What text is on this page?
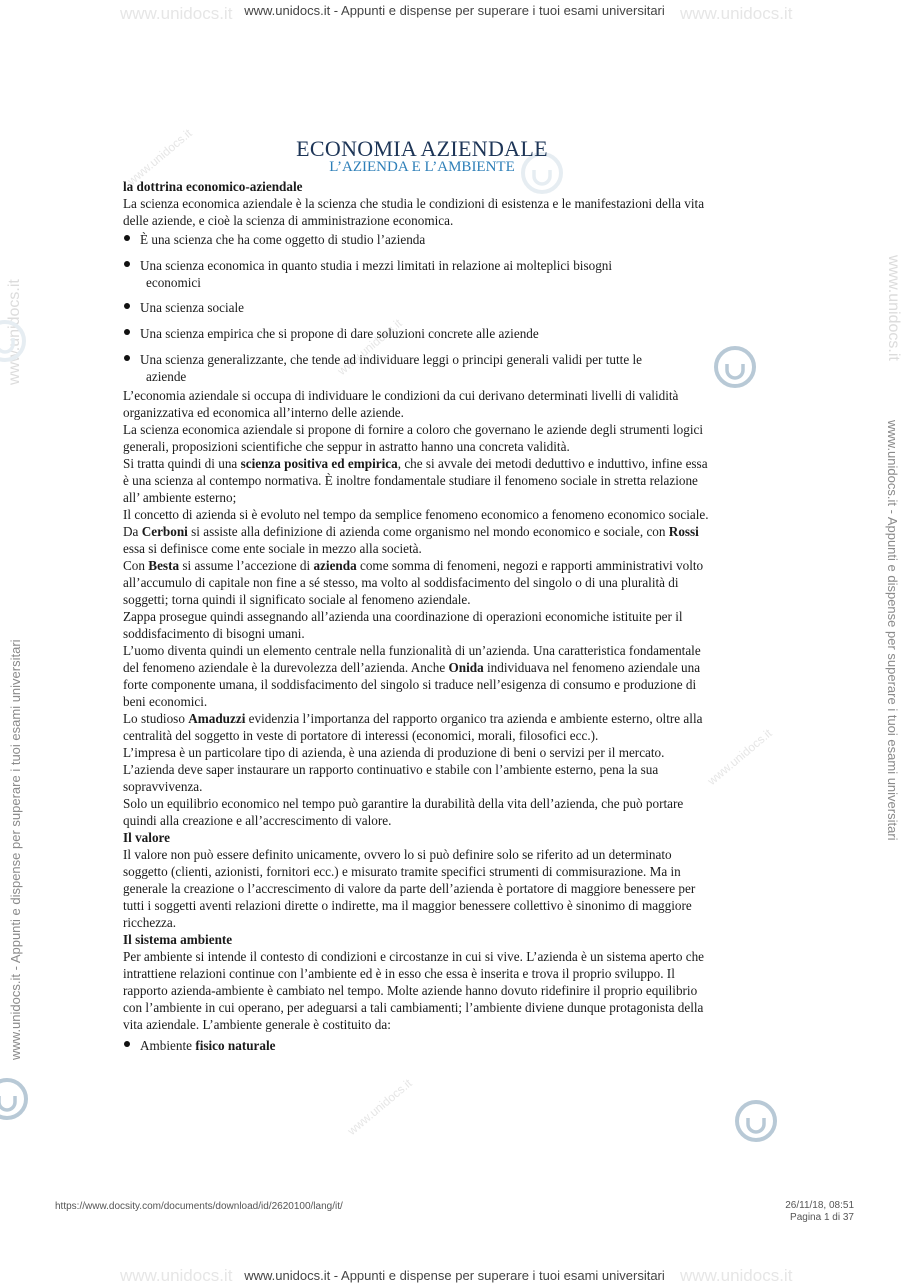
www.unidocs.it - Appunti e dispense per superare i tuoi esami universitari
www.unidocs.it - Appunti e dispense per superare i tuoi esami universitari
www.unidocs.it	www.unidocs.it
www.unidocs.it	www.unidocs.it
www.unidocs.it
www.unidocs.it
www.unidocs.it
www.unidocs.it
www.unidocs.it - Appunti e dispense per superare i tuoi esami universitari
www.unidocs.it - Appunti e dispense per superare i tuoi esami universitari
www.unidocs.it	www.unidocs.it
ECONOMIA AZIENDALE
L’AZIENDA E L’AMBIENTE

la dottrina economico-aziendale

La scienza economica aziendale è la scienza che studia le condizioni di esistenza e le manifestazioni della vita delle aziende, e cioè la scienza di amministrazione economica.

È una scienza che ha come oggetto di studio l’azienda
Una scienza economica in quanto studia i mezzi limitati in relazione ai molteplici bisogni
economici
Una scienza sociale
Una scienza empirica che si propone di dare soluzioni concrete alle aziende
Una scienza generalizzante, che tende ad individuare leggi o principi generali validi per tutte le
aziende

L’economia aziendale si occupa di individuare le condizioni da cui derivano determinati livelli di validità organizzativa ed economica all’interno delle aziende.

La scienza economica aziendale si propone di fornire a coloro che governano le aziende degli strumenti logici generali, proposizioni scientifiche che seppur in astratto hanno una concreta validità.

Si tratta quindi di una scienza positiva ed empirica, che si avvale dei metodi deduttivo e induttivo, infine essa è una scienza al contempo normativa. È inoltre fondamentale studiare il fenomeno sociale in stretta relazione all’ ambiente esterno;

Il concetto di azienda si è evoluto nel tempo da semplice fenomeno economico a fenomeno economico sociale. Da Cerboni si assiste alla definizione di azienda come organismo nel mondo economico e sociale, con Rossi essa si definisce come ente sociale in mezzo alla società.

Con Besta si assume l’accezione di azienda come somma di fenomeni, negozi e rapporti amministrativi volto all’accumulo di capitale non fine a sé stesso, ma volto al soddisfacimento del singolo o di una pluralità di soggetti; torna quindi il significato sociale al fenomeno aziendale.

Zappa prosegue quindi assegnando all’azienda una coordinazione di operazioni economiche istituite per il soddisfacimento di bisogni umani.

L’uomo diventa quindi un elemento centrale nella funzionalità di un’azienda. Una caratteristica fondamentale del fenomeno aziendale è la durevolezza dell’azienda. Anche Onida individuava nel fenomeno aziendale una forte componente umana, il soddisfacimento del singolo si traduce nell’esigenza di consumo e produzione di beni economici.

Lo studioso Amaduzzi evidenzia l’importanza del rapporto organico tra azienda e ambiente esterno, oltre alla centralità del soggetto in veste di portatore di interessi (economici, morali, filosofici ecc.).

L’impresa è un particolare tipo di azienda, è una azienda di produzione di beni o servizi per il mercato. L’azienda deve saper instaurare un rapporto continuativo e stabile con l’ambiente esterno, pena la sua sopravvivenza.

Solo un equilibrio economico nel tempo può garantire la durabilità della vita dell’azienda, che può portare quindi alla creazione e all’accrescimento di valore.

Il valore

Il valore non può essere definito unicamente, ovvero lo si può definire solo se riferito ad un determinato soggetto (clienti, azionisti, fornitori ecc.) e misurato tramite specifici strumenti di commisurazione. Ma in generale la creazione o l’accrescimento di valore da parte dell’azienda è portatore di maggiore benessere per tutti i soggetti aventi relazioni dirette o indirette, ma il maggior benessere collettivo è sinonimo di maggiore ricchezza.

Il sistema ambiente

Per ambiente si intende il contesto di condizioni e circostanze in cui si vive. L’azienda è un sistema aperto che intrattiene relazioni continue con l’ambiente ed è in esso che essa è inserita e trova il proprio sviluppo. Il rapporto azienda-ambiente è cambiato nel tempo. Molte aziende hanno dovuto ridefinire il proprio equilibrio con l’ambiente in cui operano, per adeguarsi a tali cambiamenti; l’ambiente diviene dunque protagonista della vita aziendale. L’ambiente generale è costituito da:

Ambiente fisico naturale
https://www.docsity.com/documents/download/id/2620100/lang/it/	26/11/18, 08:51
Pagina 1 di 37
